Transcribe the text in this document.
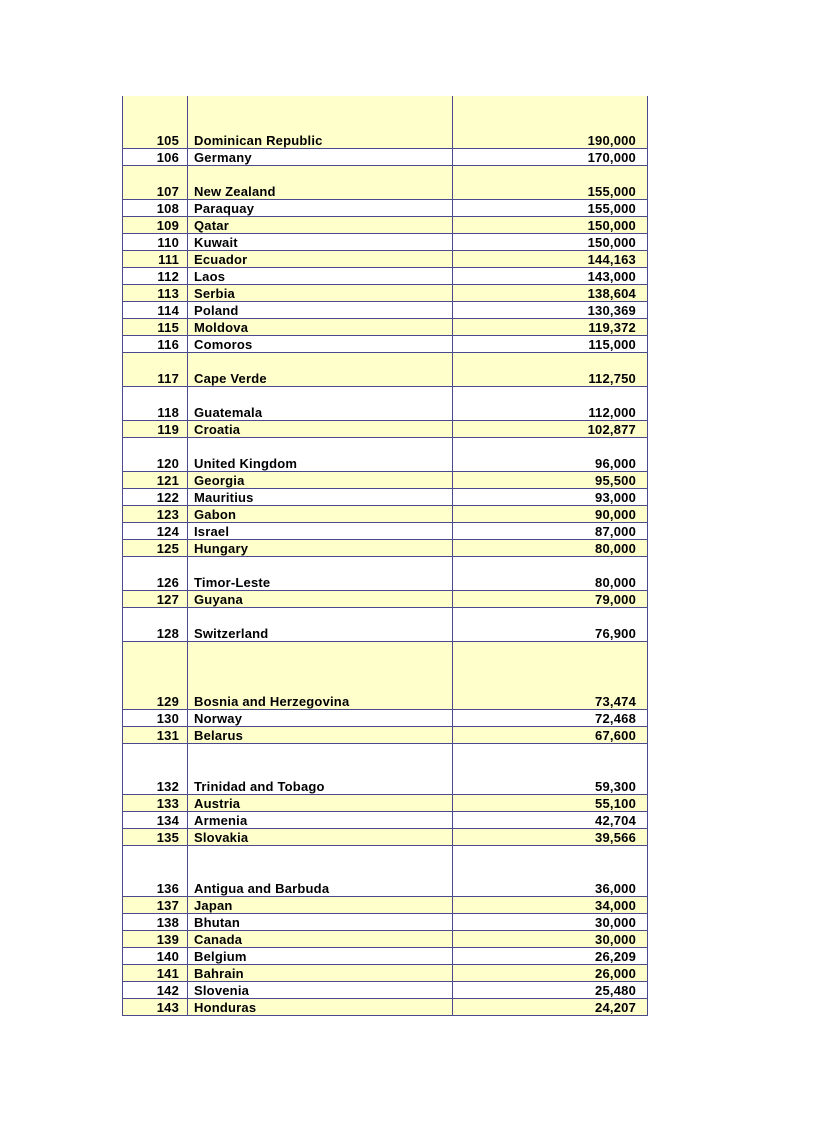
105	Dominican Republic	190,000
106	Germany	170,000
107	New Zealand	155,000
108	Paraquay	155,000
109	Qatar	150,000
110	Kuwait	150,000
111	Ecuador	144,163
112	Laos	143,000
113	Serbia	138,604
114	Poland	130,369
115	Moldova	119,372
116	Comoros	115,000
117	Cape Verde	112,750
118	Guatemala	112,000
119	Croatia	102,877
120	United Kingdom	96,000
121	Georgia	95,500
122	Mauritius	93,000
123	Gabon	90,000
124	Israel	87,000
125	Hungary	80,000
126	Timor-Leste	80,000
127	Guyana	79,000
128	Switzerland	76,900
129	Bosnia and Herzegovina	73,474
130	Norway	72,468
131	Belarus	67,600
132	Trinidad and Tobago	59,300
133	Austria	55,100
134	Armenia	42,704
135	Slovakia	39,566
136	Antigua and Barbuda	36,000
137	Japan	34,000
138	Bhutan	30,000
139	Canada	30,000
140	Belgium	26,209
141	Bahrain	26,000
142	Slovenia	25,480
143	Honduras	24,207
